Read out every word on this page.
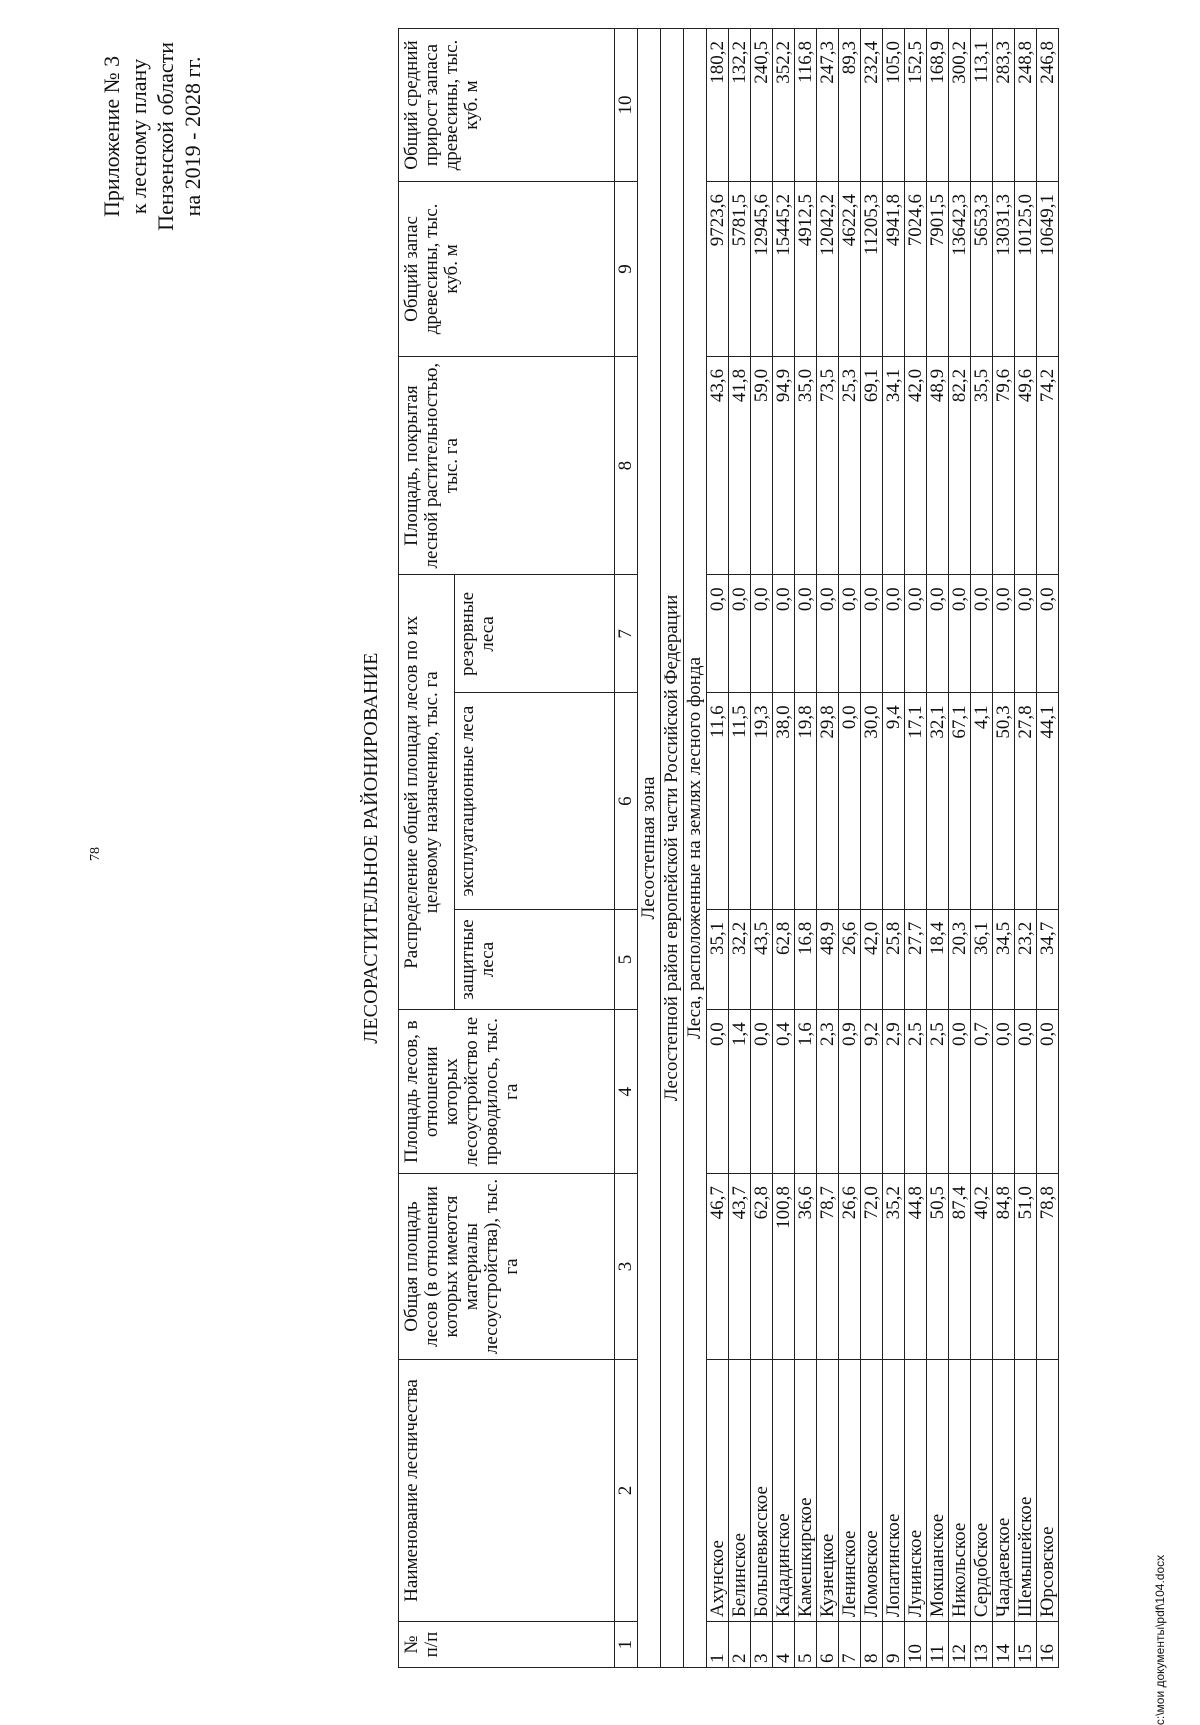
78
c:\мои документы\pdf\104.docx
Приложение № 3 к лесному плану Пензенской области на 2019 - 2028 гг.
ЛЕСОРАСТИТЕЛЬНОЕ РАЙОНИРОВАНИЕ
№ п/п	Наименование лесничества	Общая площадь лесов (в отношении которых имеются материалы лесоустройства), тыс. га	Площадь лесов, в отношении которых лесоустройство не проводилось, тыс. га	Распределение общей площади лесов по их целевому назначению, тыс. га			Площадь, покрытая лесной растительностью, тыс. га	Общий запас древесины, тыс. куб. м	Общий средний прирост запаса древесины, тыс. куб. м
				защитные леса	эксплуатационные леса	резервные леса			
1	2	3	4	5	6	7	8	9	10
Лесостепная зона									
Лесостепной район европейской части Российской Федерации									
Леса, расположенные на землях лесного фонда									
1	Ахунское	46,7	0,0	35,1	11,6	0,0	43,6	9723,6	180,2
2	Белинское	43,7	1,4	32,2	11,5	0,0	41,8	5781,5	132,2
3	Большевьясское	62,8	0,0	43,5	19,3	0,0	59,0	12945,6	240,5
4	Кададинское	100,8	0,4	62,8	38,0	0,0	94,9	15445,2	352,2
5	Камешкирское	36,6	1,6	16,8	19,8	0,0	35,0	4912,5	116,8
6	Кузнецкое	78,7	2,3	48,9	29,8	0,0	73,5	12042,2	247,3
7	Ленинское	26,6	0,9	26,6	0,0	0,0	25,3	4622,4	89,3
8	Ломовское	72,0	9,2	42,0	30,0	0,0	69,1	11205,3	232,4
9	Лопатинское	35,2	2,9	25,8	9,4	0,0	34,1	4941,8	105,0
10	Лунинское	44,8	2,5	27,7	17,1	0,0	42,0	7024,6	152,5
11	Мокшанское	50,5	2,5	18,4	32,1	0,0	48,9	7901,5	168,9
12	Никольское	87,4	0,0	20,3	67,1	0,0	82,2	13642,3	300,2
13	Сердобское	40,2	0,7	36,1	4,1	0,0	35,5	5653,3	113,1
14	Чаадаевское	84,8	0,0	34,5	50,3	0,0	79,6	13031,3	283,3
15	Шемышейское	51,0	0,0	23,2	27,8	0,0	49,6	10125,0	248,8
16	Юрсовское	78,8	0,0	34,7	44,1	0,0	74,2	10649,1	246,8
